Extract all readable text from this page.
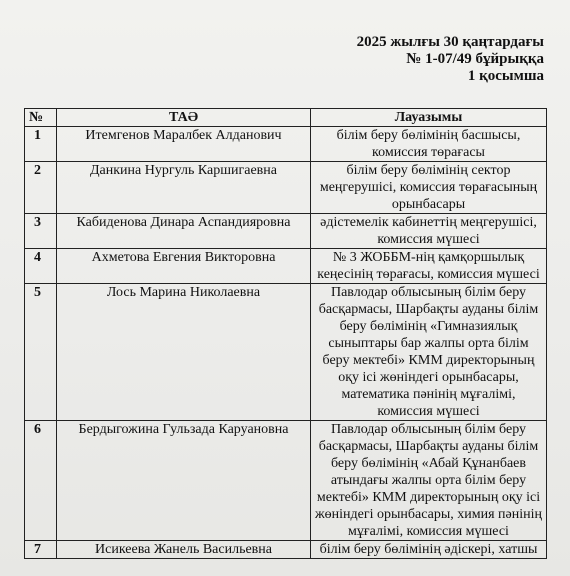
2025 жылғы 30 қаңтардағы
№ 1-07/49 бұйрыққа
1 қосымша
№	ТАӘ	Лауазымы
1	Итемгенов Маралбек Алданович	білім беру бөлімінің басшысы, комиссия төрағасы
2	Данкина Нургуль Каршигаевна	білім беру бөлімінің сектор меңгерушісі, комиссия төрағасының орынбасары
3	Кабиденова Динара Аспандияровна	әдістемелік кабинеттің меңгерушісі, комиссия мүшесі
4	Ахметова Евгения Викторовна	№ 3 ЖОББМ-нің қамқоршылық кеңесінің төрағасы, комиссия мүшесі
5	Лось Марина Николаевна	Павлодар облысының білім беру басқармасы, Шарбақты ауданы білім беру бөлімінің «Гимназиялық сыныптары бар жалпы орта білім беру мектебі» КММ директорының оқу ісі жөніндегі орынбасары, математика пәнінің мұғалімі, комиссия мүшесі
6	Бердыгожина Гульзада Каруановна	Павлодар облысының білім беру басқармасы, Шарбақты ауданы білім беру бөлімінің «Абай Құнанбаев атындағы жалпы орта білім беру мектебі» КММ директорының оқу ісі жөніндегі орынбасары, химия пәнінің мұғалімі, комиссия мүшесі
7	Исикеева Жанель Васильевна	білім беру бөлімінің әдіскері, хатшы
